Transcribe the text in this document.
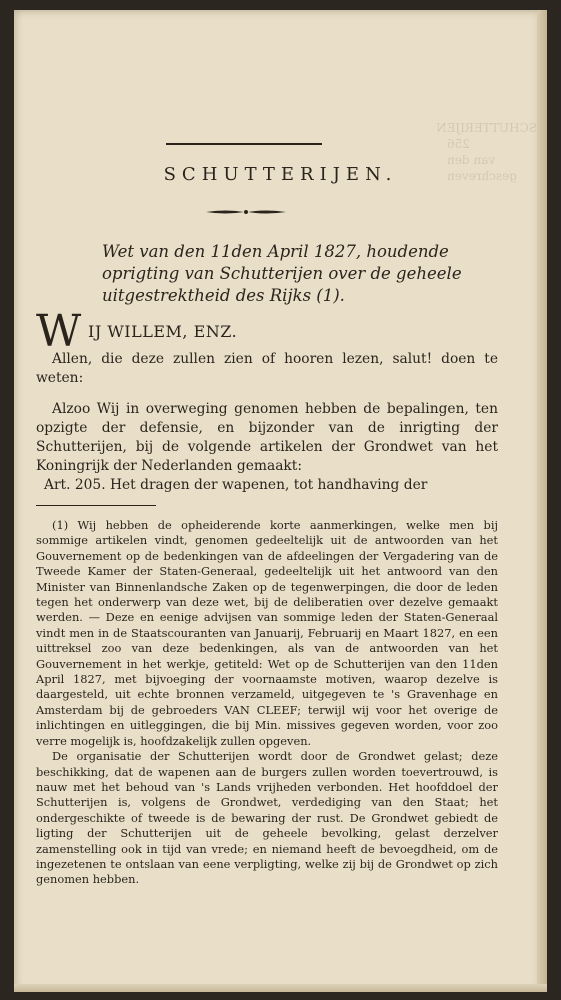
SCHUTTERIJEN
256
van den
geschreven
SCHUTTERIJEN.
Wet van den 11den April 1827, houdende oprigting van Schutterijen over de geheele uitgestrektheid des Rijks (1).
W IJ WILLEM, ENZ.

Allen, die deze zullen zien of hooren lezen, salut! doen te weten:

Alzoo Wij in overweging genomen hebben de bepalingen, ten opzigte der defensie, en bijzonder van de inrigting der Schutterijen, bij de volgende artikelen der Grondwet van het Koningrijk der Nederlanden gemaakt:

Art. 205. Het dragen der wapenen, tot handhaving der

(1) Wij hebben de opheiderende korte aanmerkingen, welke men bij sommige artikelen vindt, genomen gedeeltelijk uit de antwoorden van het Gouvernement op de bedenkingen van de afdeelingen der Vergadering van de Tweede Kamer der Staten-Generaal, gedeeltelijk uit het antwoord van den Minister van Binnenlandsche Zaken op de tegenwerpingen, die door de leden tegen het onderwerp van deze wet, bij de deliberatien over dezelve gemaakt werden. — Deze en eenige advijsen van sommige leden der Staten-Generaal vindt men in de Staatscouranten van Januarij, Februarij en Maart 1827, en een uittreksel zoo van deze bedenkingen, als van de antwoorden van het Gouvernement in het werkje, getiteld: Wet op de Schutterijen van den 11den April 1827, met bijvoeging der voornaamste motiven, waarop dezelve is daargesteld, uit echte bronnen verzameld, uitgegeven te 's Gravenhage en Amsterdam bij de gebroeders VAN CLEEF; terwijl wij voor het overige de inlichtingen en uitleggingen, die bij Min. missives gegeven worden, voor zoo verre mogelijk is, hoofdzakelijk zullen opgeven.

De organisatie der Schutterijen wordt door de Grondwet gelast; deze beschikking, dat de wapenen aan de burgers zullen worden toevertrouwd, is nauw met het behoud van 's Lands vrijheden verbonden. Het hoofddoel der Schutterijen is, volgens de Grondwet, verdediging van den Staat; het ondergeschikte of tweede is de bewaring der rust. De Grondwet gebiedt de ligting der Schutterijen uit de geheele bevolking, gelast derzelver zamenstelling ook in tijd van vrede; en niemand heeft de bevoegdheid, om de ingezetenen te ontslaan van eene verpligting, welke zij bij de Grondwet op zich genomen hebben.
